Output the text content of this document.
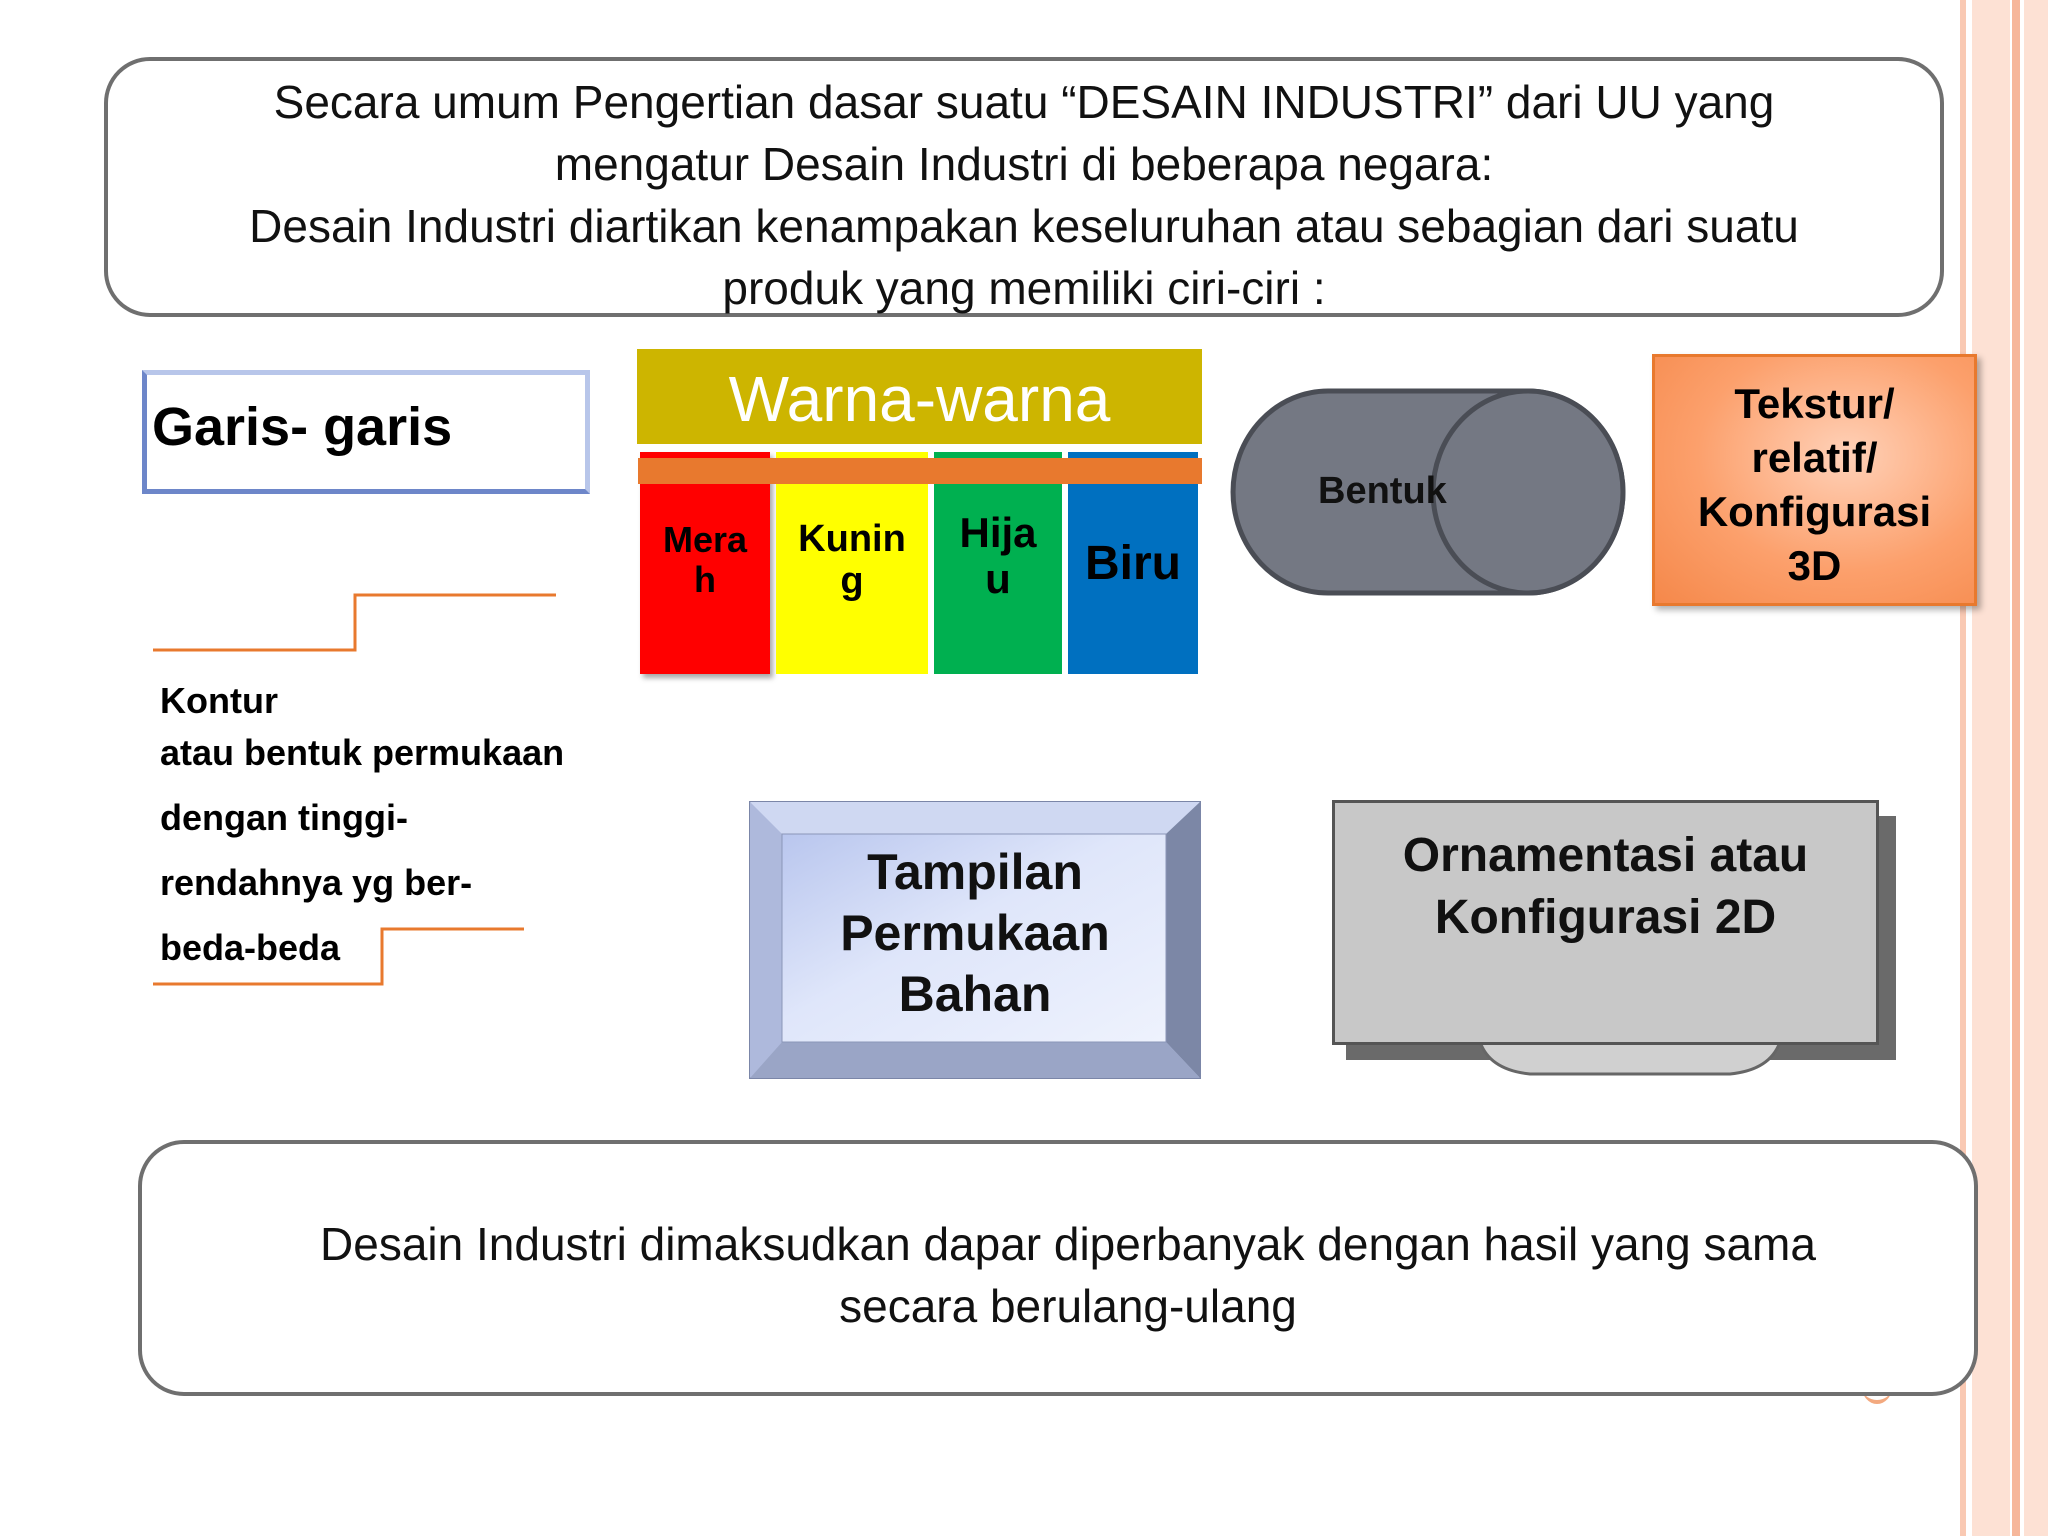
Secara umum Pengertian dasar suatu “DESAIN INDUSTRI” dari UU yang
mengatur Desain Industri di beberapa negara:
Desain Industri diartikan kenampakan keseluruhan atau sebagian dari suatu
produk yang memiliki ciri-ciri :
Garis- garis
Kontur
atau bentuk permukaan
dengan tinggi-
rendahnya yg ber-
beda-beda
Warna-warna
Mera
h
Kunin
g
Hija
u	Biru
Bentuk
Tekstur/
relatif/
Konfigurasi
3D
Tampilan
Permukaan
Bahan
Ornamentasi atau
Konfigurasi 2D
Desain Industri dimaksudkan dapar diperbanyak dengan hasil yang sama
secara berulang-ulang
